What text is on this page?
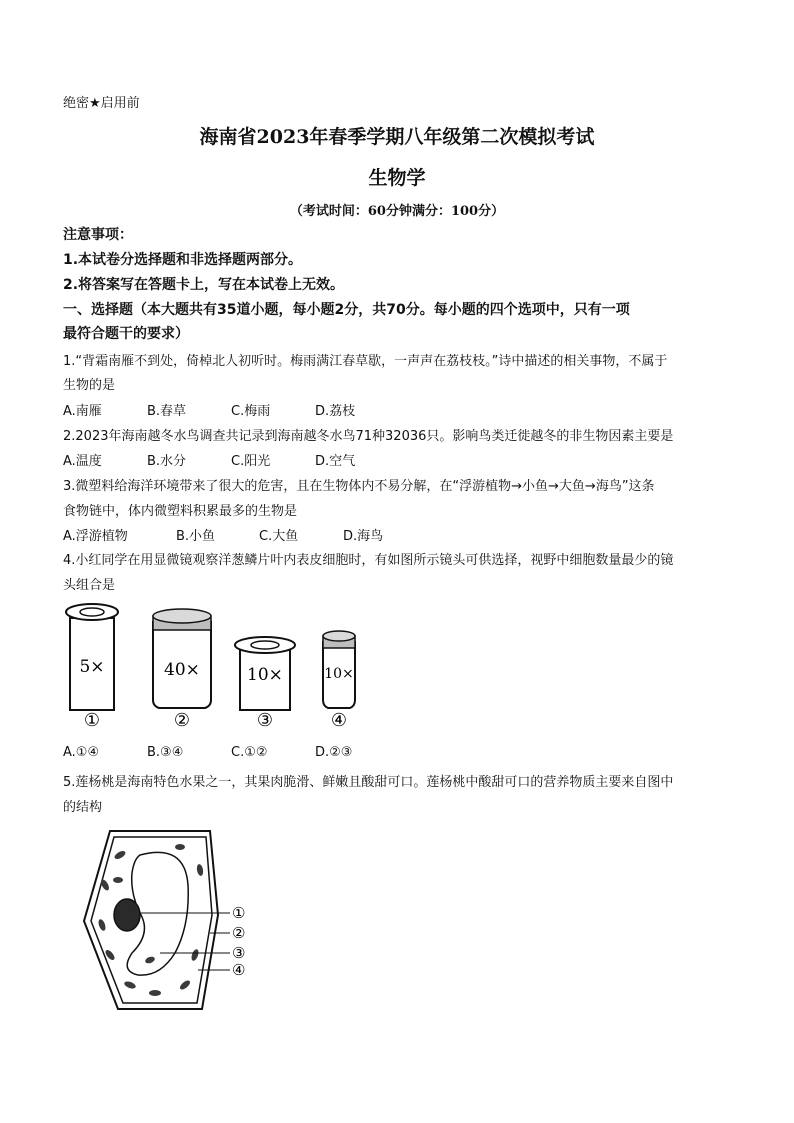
绝密★启用前
海南省2023年春季学期八年级第二次模拟考试
生物学
（考试时间：60分钟满分：100分）
注意事项：
1.本试卷分选择题和非选择题两部分。
2.将答案写在答题卡上，写在本试卷上无效。
一、选择题（本大题共有35道小题，每小题2分，共70分。每小题的四个选项中，只有一项
最符合题干的要求）
1.“背霜南雁不到处，倚棹北人初听时。梅雨满江春草歇，一声声在荔枝枝。”诗中描述的相关事物，不属于
生物的是
A.南雁	B.春草	C.梅雨	D.荔枝
2.2023年海南越冬水鸟调查共记录到海南越冬水鸟71种32036只。影响鸟类迁徙越冬的非生物因素主要是
A.温度	B.水分	C.阳光	D.空气
3.微塑料给海洋环境带来了很大的危害，且在生物体内不易分解，在“浮游植物→小鱼→大鱼→海鸟”这条
食物链中，体内微塑料积累最多的生物是
A.浮游植物	B.小鱼	C.大鱼	D.海鸟
4.小红同学在用显微镜观察洋葱鳞片叶内表皮细胞时，有如图所示镜头可供选择，视野中细胞数量最少的镜
头组合是
5×
①
40×
②
10×
③
10×
④
A.①④	B.③④	C.①②	D.②③
5.莲杨桃是海南特色水果之一，其果肉脆滑、鲜嫩且酸甜可口。莲杨桃中酸甜可口的营养物质主要来自图中
的结构
①
②
③
④
